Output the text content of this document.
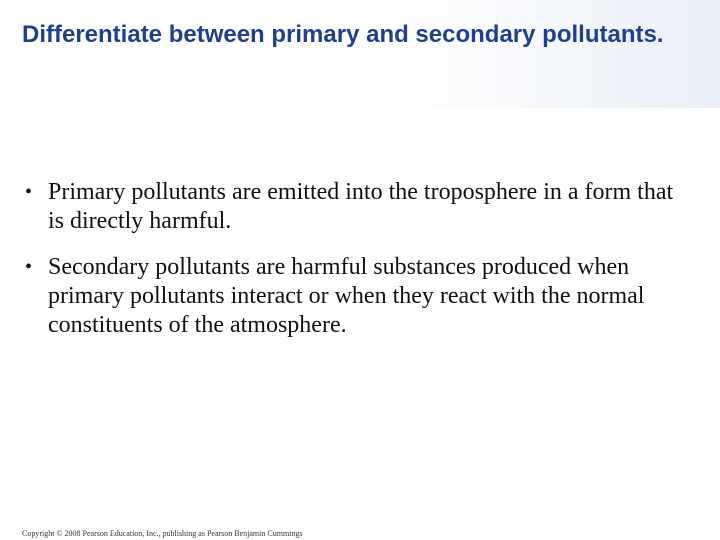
Differentiate between primary and secondary pollutants.
• Primary pollutants are emitted into the troposphere in a form that is directly harmful.
• Secondary pollutants are harmful substances produced when primary pollutants interact or when they react with the normal constituents of the atmosphere.
Copyright © 2008 Pearson Education, Inc., publishing as Pearson Benjamin Cummings
